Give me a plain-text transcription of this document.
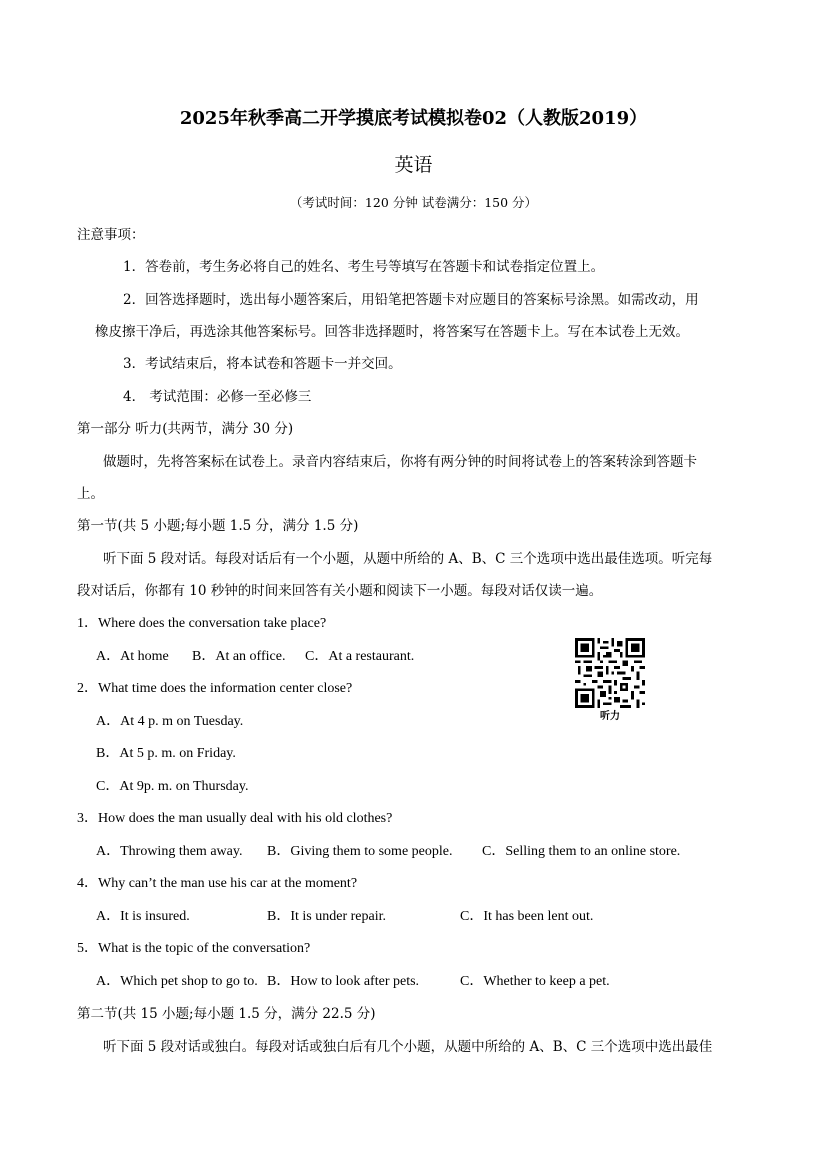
2025年秋季高二开学摸底考试模拟卷02（人教版2019）
英语
（考试时间：120 分钟 试卷满分：150 分）
注意事项：
1．答卷前，考生务必将自己的姓名、考生号等填写在答题卡和试卷指定位置上。
2．回答选择题时，选出每小题答案后，用铅笔把答题卡对应题目的答案标号涂黑。如需改动，用
橡皮擦干净后，再选涂其他答案标号。回答非选择题时，将答案写在答题卡上。写在本试卷上无效。
3．考试结束后，将本试卷和答题卡一并交回。
4． 考试范围：必修一至必修三
第一部分 听力(共两节，满分 30 分)
做题时，先将答案标在试卷上。录音内容结束后，你将有两分钟的时间将试卷上的答案转涂到答题卡
上。
第一节(共 5 小题;每小题 1.5 分，满分 1.5 分)
听下面 5 段对话。每段对话后有一个小题，从题中所给的 A、B、C 三个选项中选出最佳选项。听完每
段对话后，你都有 10 秒钟的时间来回答有关小题和阅读下一小题。每段对话仅读一遍。
1．Where does the conversation take place?
A．At home B．At an office. C．At a restaurant.
2．What time does the information center close?
A．At 4 p. m on Tuesday.
B．At 5 p. m. on Friday.
C．At 9p. m. on Thursday.
听力
3．How does the man usually deal with his old clothes?
A．Throwing them away. B．Giving them to some people. C．Selling them to an online store.
4．Why can’t the man use his car at the moment?
A．It is insured.	B．It is under repair.	C．It has been lent out.
5．What is the topic of the conversation?
A．Which pet shop to go to. B．How to look after pets.	C．Whether to keep a pet.
第二节(共 15 小题;每小题 1.5 分，满分 22.5 分)
听下面 5 段对话或独白。每段对话或独白后有几个小题，从题中所给的 A、B、C 三个选项中选出最佳
